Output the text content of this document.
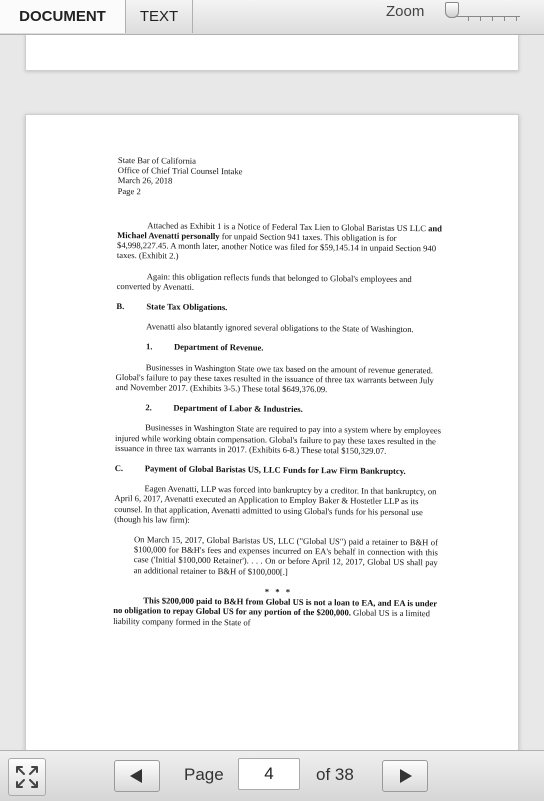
DOCUMENT	TEXT	Zoom

State Bar of California

Office of Chief Trial Counsel Intake

March 26, 2018

Page 2

Attached as Exhibit 1 is a Notice of Federal Tax Lien to Global Baristas US LLC and Michael Avenatti personally for unpaid Section 941 taxes. This obligation is for $4,998,227.45. A month later, another Notice was filed for $59,145.14 in unpaid Section 940 taxes. (Exhibit 2.)

Again: this obligation reflects funds that belonged to Global's employees and converted by Avenatti.

B.	State Tax Obligations.

Avenatti also blatantly ignored several obligations to the State of Washington.

1.	Department of Revenue.

Businesses in Washington State owe tax based on the amount of revenue generated. Global's failure to pay these taxes resulted in the issuance of three tax warrants between July and November 2017. (Exhibits 3-5.) These total $649,376.09.

2.	Department of Labor & Industries.

Businesses in Washington State are required to pay into a system where by employees injured while working obtain compensation. Global's failure to pay these taxes resulted in the issuance in three tax warrants in 2017. (Exhibits 6-8.) These total $150,329.07.

C.	Payment of Global Baristas US, LLC Funds for Law Firm Bankruptcy.

Eagen Avenatti, LLP was forced into bankruptcy by a creditor. In that bankruptcy, on April 6, 2017, Avenatti executed an Application to Employ Baker & Hostetler LLP as its counsel. In that application, Avenatti admitted to using Global's funds for his personal use (though his law firm):

On March 15, 2017, Global Baristas US, LLC ("Global US") paid a retainer to B&H of $100,000 for B&H's fees and expenses incurred on EA's behalf in connection with this case ('Initial $100,000 Retainer'). . . . On or before April 12, 2017, Global US shall pay an additional retainer to B&H of $100,000[.]

* * *

This $200,000 paid to B&H from Global US is not a loan to EA, and EA is under no obligation to repay Global US for any portion of the $200,000. Global US is a limited liability company formed in the State of

Page
4	of 38
